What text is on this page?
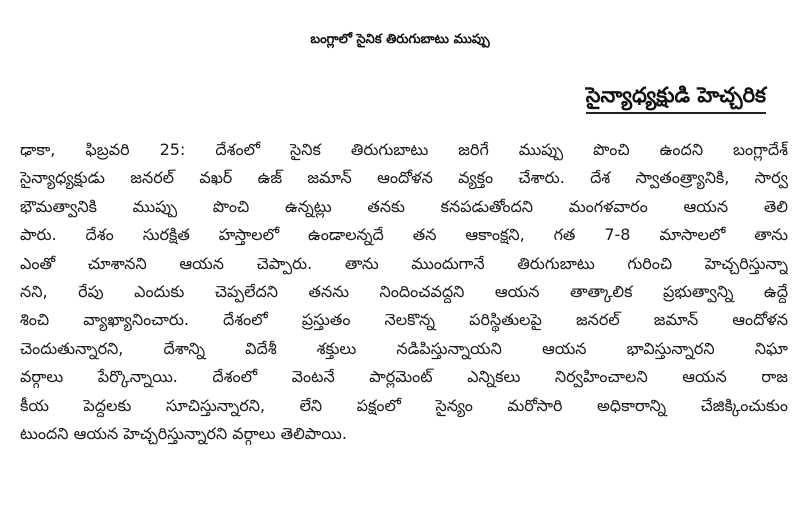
బంగ్లాలో సైనిక తిరుగుబాటు ముప్పు
సైన్యాధ్యక్షుడి హెచ్చరిక
ఢాకా, ఫిబ్రవరి 25: దేశంలో సైనిక తిరుగుబాటు జరిగే ముప్పు పొంచి ఉందని బంగ్లాదేశ్
సైన్యాధ్యక్షుడు జనరల్ వఖర్ ఉజ్ జమాన్ ఆందోళన వ్యక్తం చేశారు. దేశ స్వాతంత్ర్యానికి, సార్వ
భౌమత్వానికి ముప్పు పొంచి ఉన్నట్లు తనకు కనపడుతోందని మంగళవారం ఆయన తెలి
పారు. దేశం సురక్షిత హస్తాలలో ఉండాలన్నదే తన ఆకాంక్షని, గత 7-8 మాసాలలో తాను
ఎంతో చూశానని ఆయన చెప్పారు. తాను ముందుగానే తిరుగుబాటు గురించి హెచ్చరిస్తున్నా
నని, రేపు ఎందుకు చెప్పలేదని తనను నిందించవద్దని ఆయన తాత్కాలిక ప్రభుత్వాన్ని ఉద్దే
శించి వ్యాఖ్యానించారు. దేశంలో ప్రస్తుతం నెలకొన్న పరిస్థితులపై జనరల్ జమాన్ ఆందోళన
చెందుతున్నారని, దేశాన్ని విదేశీ శక్తులు నడిపిస్తున్నాయని ఆయన భావిస్తున్నారని నిఘా
వర్గాలు పేర్కొన్నాయి. దేశంలో వెంటనే పార్లమెంట్ ఎన్నికలు నిర్వహించాలని ఆయన రాజ
కీయ పెద్దలకు సూచిస్తున్నారని, లేని పక్షంలో సైన్యం మరోసారి అధికారాన్ని చేజిక్కించుకుం
టుందని ఆయన హెచ్చరిస్తున్నారని వర్గాలు తెలిపాయి.
